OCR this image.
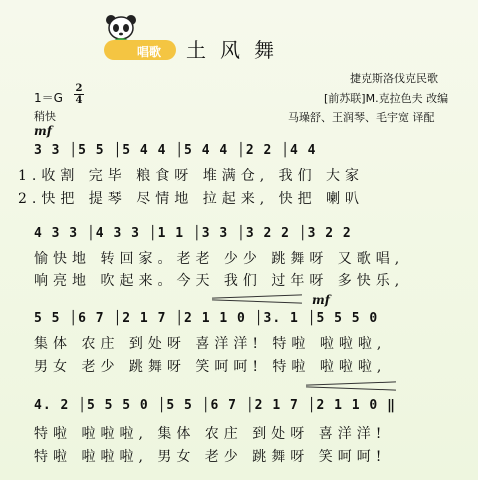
唱歌 土风舞
捷克斯洛伐克民歌
[前苏联]M.克拉色夫 改编
马璪舒、王润琴、毛宇宽 译配
$1=G \frac{2}{4}$
稍快
mf
3 3 │5 5 │5 4 4 │5 4 4 │2 2 │4 4
1.收割 完毕 粮食呀 堆满仓, 我们 大家
2.快把 提琴 尽情地 拉起来, 快把 喇叭
4 3 3 │4 3 3 │1 1 │3 3 │3 2 2 │3 2 2
愉快地 转回家。老老 少少 跳舞呀 又歌唱,
响亮地 吹起来。今天 我们 过年呀 多快乐,
mf
5 5 │6 7 │2 1 7 │2 1 1 0 │3. 1 │5 5 5 0
集体 农庄 到处呀 喜洋洋! 特啦 啦啦啦,
男女 老少 跳舞呀 笑呵呵! 特啦 啦啦啦,
4. 2 │5 5 5 0 │5 5 │6 7 │2 1 7 │2 1 1 0 ‖
特啦 啦啦啦, 集体 农庄 到处呀 喜洋洋!
特啦 啦啦啦, 男女 老少 跳舞呀 笑呵呵!
